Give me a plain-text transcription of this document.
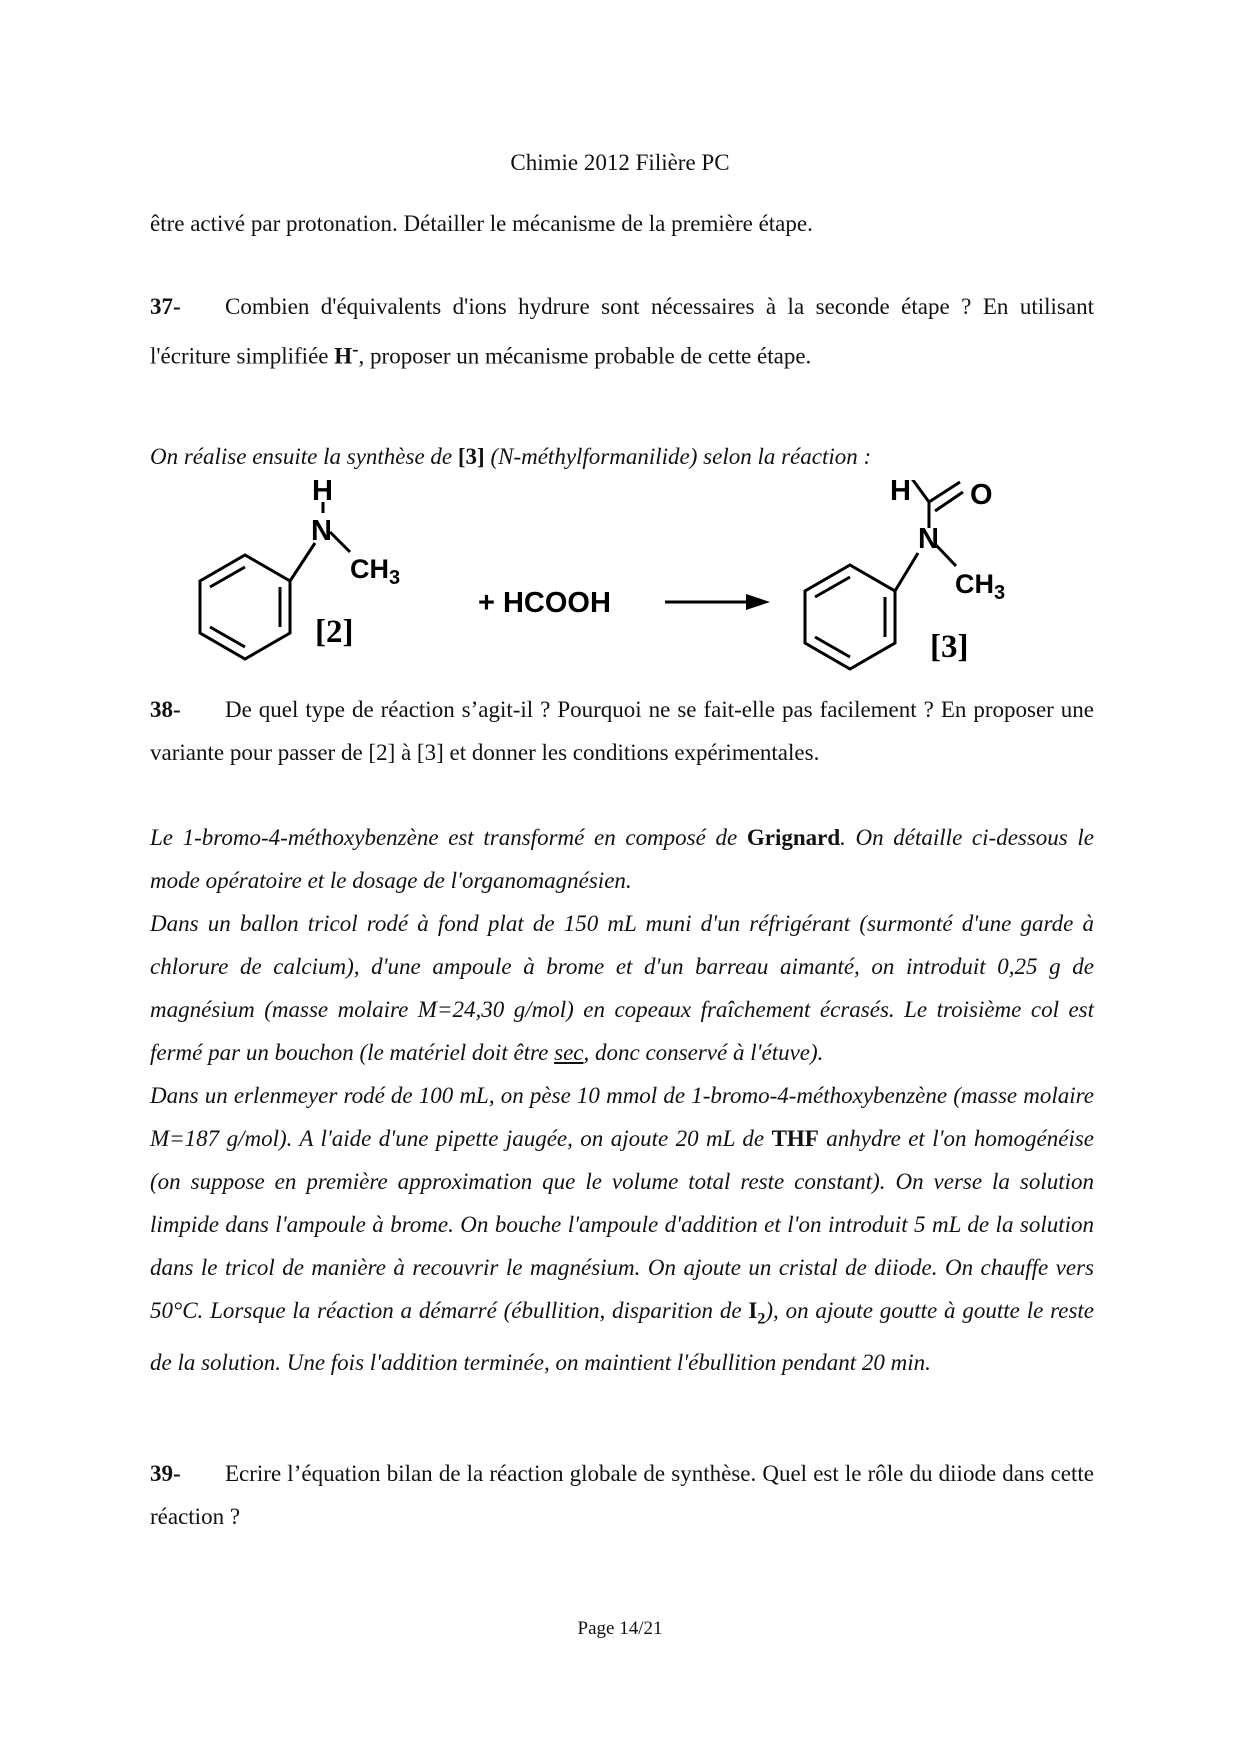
Chimie 2012 Filière PC
être activé par protonation. Détailler le mécanisme de la première étape.
37- Combien d'équivalents d'ions hydrure sont nécessaires à la seconde étape ? En utilisant l'écriture simplifiée H-, proposer un mécanisme probable de cette étape.
On réalise ensuite la synthèse de [3] (N-méthylformanilide) selon la réaction :
H
N
$CH_3$
[2]
+ HCOOH
N
$CH_3$
[3]
H O
38- De quel type de réaction s’agit-il ? Pourquoi ne se fait-elle pas facilement ? En proposer une variante pour passer de [2] à [3] et donner les conditions expérimentales.
Le 1-bromo-4-méthoxybenzène est transformé en composé de Grignard. On détaille ci-dessous le mode opératoire et le dosage de l'organomagnésien.
Dans un ballon tricol rodé à fond plat de 150 mL muni d'un réfrigérant (surmonté d'une garde à chlorure de calcium), d'une ampoule à brome et d'un barreau aimanté, on introduit 0,25 g de magnésium (masse molaire M=24,30 g/mol) en copeaux fraîchement écrasés. Le troisième col est fermé par un bouchon (le matériel doit être sec, donc conservé à l'étuve).
Dans un erlenmeyer rodé de 100 mL, on pèse 10 mmol de 1-bromo-4-méthoxybenzène (masse molaire M=187 g/mol). A l'aide d'une pipette jaugée, on ajoute 20 mL de THF anhydre et l'on homogénéise (on suppose en première approximation que le volume total reste constant). On verse la solution limpide dans l'ampoule à brome. On bouche l'ampoule d'addition et l'on introduit 5 mL de la solution dans le tricol de manière à recouvrir le magnésium. On ajoute un cristal de diiode. On chauffe vers 50°C. Lorsque la réaction a démarré (ébullition, disparition de $I_2$), on ajoute goutte à goutte le reste de la solution. Une fois l'addition terminée, on maintient l'ébullition pendant 20 min.
39- Ecrire l’équation bilan de la réaction globale de synthèse. Quel est le rôle du diiode dans cette réaction ?
Page 14/21
